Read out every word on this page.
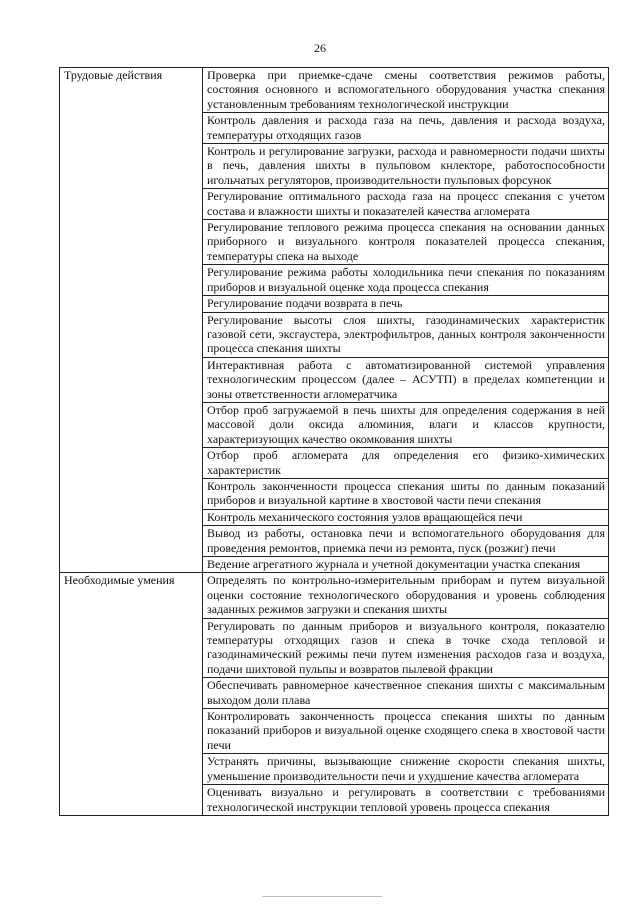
26
Трудовые действия	Проверка при приемке-сдаче смены соответствия режимов работы, состояния основного и вспомогательного оборудования участка спекания установленным требованиям технологической инструкции
	Контроль давления и расхода газа на печь, давления и расхода воздуха, температуры отходящих газов
	Контроль и регулирование загрузки, расхода и равномерности подачи шихты в печь, давления шихты в пульповом кнлекторе, работоспособности игольчатых регуляторов, производительности пульповых форсунок
	Регулирование оптимального расхода газа на процесс спекания с учетом состава и влажности шихты и показателей качества агломерата
	Регулирование теплового режима процесса спекания на основании данных приборного и визуального контроля показателей процесса спекания, температуры спека на выходе
	Регулирование режима работы холодильника печи спекания по показаниям приборов и визуальной оценке хода процесса спекания
	Регулирование подачи возврата в печь
	Регулирование высоты слоя шихты, газодинамических характеристик газовой сети, эксгаустера, электрофильтров, данных контроля законченности процесса спекания шихты
	Интерактивная работа с автоматизированной системой управления технологическим процессом (далее – АСУТП) в пределах компетенции и зоны ответственности агломератчика
	Отбор проб загружаемой в печь шихты для определения содержания в ней массовой доли оксида алюминия, влаги и классов крупности, характеризующих качество окомкования шихты
	Отбор проб агломерата для определения его физико-химических характеристик
	Контроль законченности процесса спекания шиты по данным показаний приборов и визуальной картине в хвостовой части печи спекания
	Контроль механического состояния узлов вращающейся печи
	Вывод из работы, остановка печи и вспомогательного оборудования для проведения ремонтов, приемка печи из ремонта, пуск (розжиг) печи
	Ведение агрегатного журнала и учетной документации участка спекания
Необходимые умения	Определять по контрольно-измерительным приборам и путем визуальной оценки состояние технологического оборудования и уровень соблюдения заданных режимов загрузки и спекания шихты
	Регулировать по данным приборов и визуального контроля, показателю температуры отходящих газов и спека в точке схода тепловой и газодинамический режимы печи путем изменения расходов газа и воздуха, подачи шихтовой пульпы и возвратов пылевой фракции
	Обеспечивать равномерное качественное спекания шихты с максимальным выходом доли плава
	Контролировать законченность процесса спекания шихты по данным показаний приборов и визуальной оценке сходящего спека в хвостовой части печи
	Устранять причины, вызывающие снижение скорости спекания шихты, уменьшение производительности печи и ухудшение качества агломерата
	Оценивать визуально и регулировать в соответствии с требованиями технологической инструкции тепловой уровень процесса спекания
